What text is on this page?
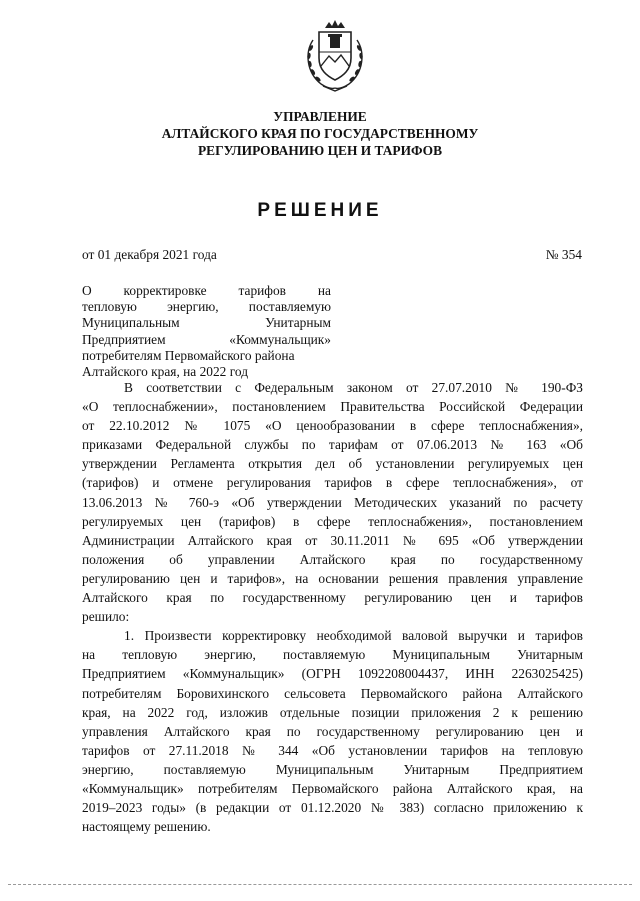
УПРАВЛЕНИЕ
АЛТАЙСКОГО КРАЯ ПО ГОСУДАРСТВЕННОМУ
РЕГУЛИРОВАНИЮ ЦЕН И ТАРИФОВ
РЕШЕНИЕ
от 01 декабря 2021 года	№ 354
О корректировке тарифов на
тепловую энергию, поставляемую
Муниципальным Унитарным
Предприятием «Коммунальщик»
потребителям Первомайского района
Алтайского края, на 2022 год
В соответствии с Федеральным законом от 27.07.2010 № 190-ФЗ
«О теплоснабжении», постановлением Правительства Российской Федерации
от 22.10.2012 № 1075 «О ценообразовании в сфере теплоснабжения»,
приказами Федеральной службы по тарифам от 07.06.2013 № 163 «Об
утверждении Регламента открытия дел об установлении регулируемых цен
(тарифов) и отмене регулирования тарифов в сфере теплоснабжения», от
13.06.2013 № 760-э «Об утверждении Методических указаний по расчету
регулируемых цен (тарифов) в сфере теплоснабжения», постановлением
Администрации Алтайского края от 30.11.2011 № 695 «Об утверждении
положения об управлении Алтайского края по государственному
регулированию цен и тарифов», на основании решения правления управление
Алтайского края по государственному регулированию цен и тарифов
решило:
1. Произвести корректировку необходимой валовой выручки и тарифов
на тепловую энергию, поставляемую Муниципальным Унитарным
Предприятием «Коммунальщик» (ОГРН 1092208004437, ИНН 2263025425)
потребителям Боровихинского сельсовета Первомайского района Алтайского
края, на 2022 год, изложив отдельные позиции приложения 2 к решению
управления Алтайского края по государственному регулированию цен и
тарифов от 27.11.2018 № 344 «Об установлении тарифов на тепловую
энергию, поставляемую Муниципальным Унитарным Предприятием
«Коммунальщик» потребителям Первомайского района Алтайского края, на
2019–2023 годы» (в редакции от 01.12.2020 № 383) согласно приложению к
настоящему решению.
